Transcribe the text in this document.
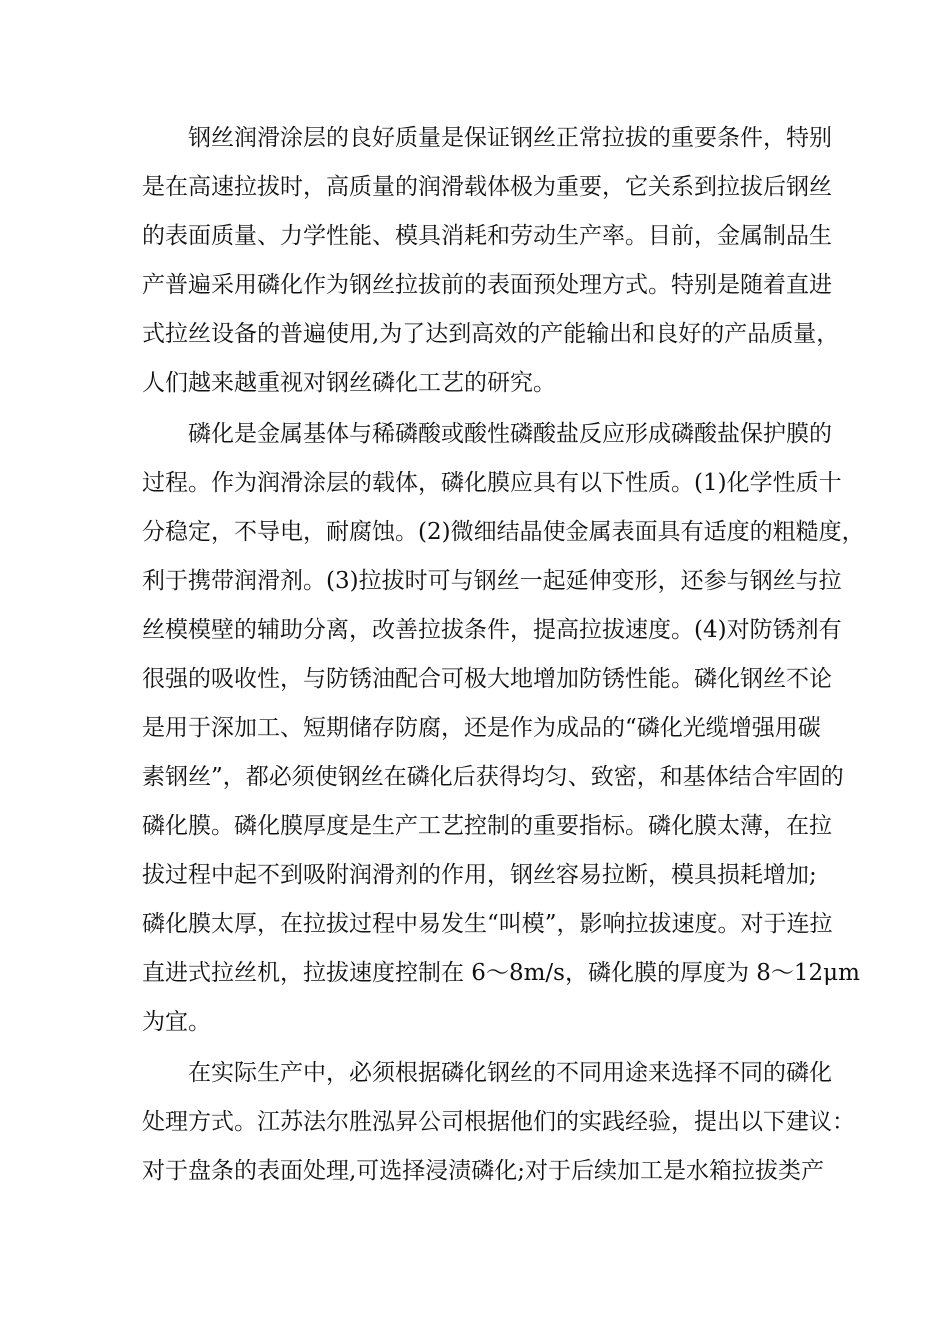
钢丝润滑涂层的良好质量是保证钢丝正常拉拔的重要条件，特别
是在高速拉拔时，高质量的润滑载体极为重要，它关系到拉拔后钢丝
的表面质量、力学性能、模具消耗和劳动生产率。目前，金属制品生
产普遍采用磷化作为钢丝拉拔前的表面预处理方式。特别是随着直进
式拉丝设备的普遍使用,为了达到高效的产能输出和良好的产品质量，
人们越来越重视对钢丝磷化工艺的研究。
磷化是金属基体与稀磷酸或酸性磷酸盐反应形成磷酸盐保护膜的
过程。作为润滑涂层的载体，磷化膜应具有以下性质。(1)化学性质十
分稳定，不导电，耐腐蚀。(2)微细结晶使金属表面具有适度的粗糙度，
利于携带润滑剂。(3)拉拔时可与钢丝一起延伸变形，还参与钢丝与拉
丝模模壁的辅助分离，改善拉拔条件，提高拉拔速度。(4)对防锈剂有
很强的吸收性，与防锈油配合可极大地增加防锈性能。磷化钢丝不论
是用于深加工、短期储存防腐，还是作为成品的“磷化光缆增强用碳
素钢丝”，都必须使钢丝在磷化后获得均匀、致密，和基体结合牢固的
磷化膜。磷化膜厚度是生产工艺控制的重要指标。磷化膜太薄，在拉
拔过程中起不到吸附润滑剂的作用，钢丝容易拉断，模具损耗增加;
磷化膜太厚，在拉拔过程中易发生“叫模”，影响拉拔速度。对于连拉
直进式拉丝机，拉拔速度控制在 6～8m/s，磷化膜的厚度为 8～12μm
为宜。
在实际生产中，必须根据磷化钢丝的不同用途来选择不同的磷化
处理方式。江苏法尔胜泓昇公司根据他们的实践经验，提出以下建议：
对于盘条的表面处理,可选择浸渍磷化;对于后续加工是水箱拉拔类产
